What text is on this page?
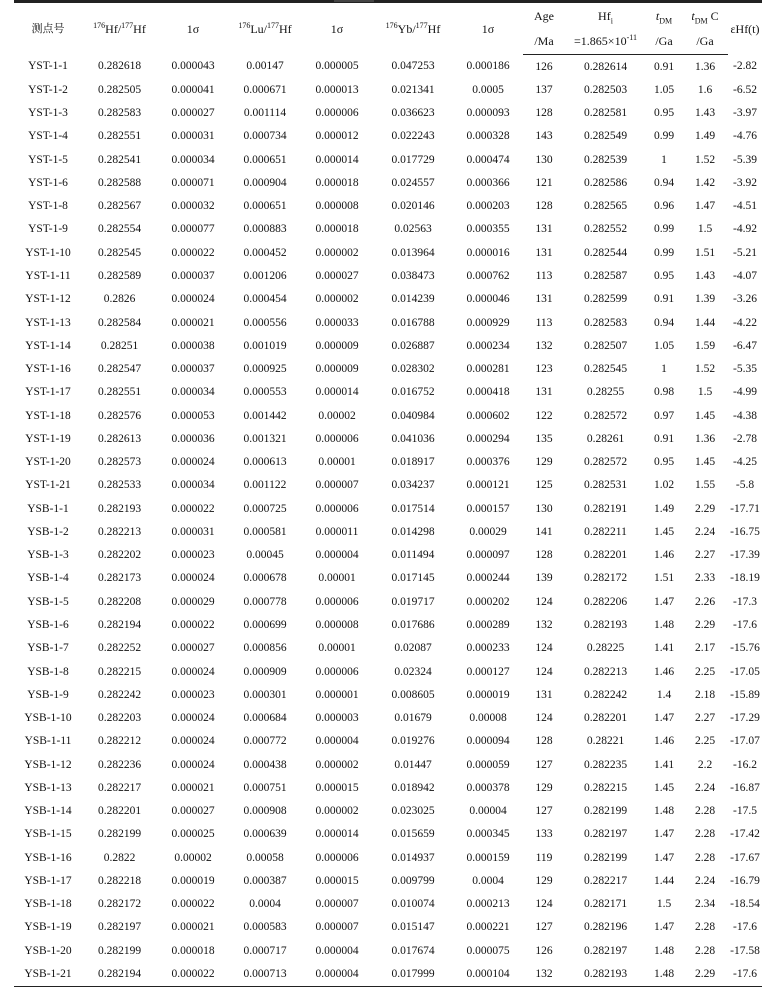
测点号	$^{176}$Hf/$^{177}$Hf	1σ	$^{176}$Lu/$^{177}$Hf	1σ	$^{176}$Yb/$^{177}$Hf	1σ	Age	$Hf_i$	$t_{DM}$	$t_{DM}$ C	εHf(t)
							/Ma	$=1.865\times 10^{-11}$	/Ga	/Ga	
YST-1-1	0.282618	0.000043	0.00147	0.000005	0.047253	0.000186	126	0.282614	0.91	1.36	-2.82
YST-1-2	0.282505	0.000041	0.000671	0.000013	0.021341	0.0005	137	0.282503	1.05	1.6	-6.52
YST-1-3	0.282583	0.000027	0.001114	0.000006	0.036623	0.000093	128	0.282581	0.95	1.43	-3.97
YST-1-4	0.282551	0.000031	0.000734	0.000012	0.022243	0.000328	143	0.282549	0.99	1.49	-4.76
YST-1-5	0.282541	0.000034	0.000651	0.000014	0.017729	0.000474	130	0.282539	1	1.52	-5.39
YST-1-6	0.282588	0.000071	0.000904	0.000018	0.024557	0.000366	121	0.282586	0.94	1.42	-3.92
YST-1-8	0.282567	0.000032	0.000651	0.000008	0.020146	0.000203	128	0.282565	0.96	1.47	-4.51
YST-1-9	0.282554	0.000077	0.000883	0.000018	0.02563	0.000355	131	0.282552	0.99	1.5	-4.92
YST-1-10	0.282545	0.000022	0.000452	0.000002	0.013964	0.000016	131	0.282544	0.99	1.51	-5.21
YST-1-11	0.282589	0.000037	0.001206	0.000027	0.038473	0.000762	113	0.282587	0.95	1.43	-4.07
YST-1-12	0.2826	0.000024	0.000454	0.000002	0.014239	0.000046	131	0.282599	0.91	1.39	-3.26
YST-1-13	0.282584	0.000021	0.000556	0.000033	0.016788	0.000929	113	0.282583	0.94	1.44	-4.22
YST-1-14	0.28251	0.000038	0.001019	0.000009	0.026887	0.000234	132	0.282507	1.05	1.59	-6.47
YST-1-16	0.282547	0.000037	0.000925	0.000009	0.028302	0.000281	123	0.282545	1	1.52	-5.35
YST-1-17	0.282551	0.000034	0.000553	0.000014	0.016752	0.000418	131	0.28255	0.98	1.5	-4.99
YST-1-18	0.282576	0.000053	0.001442	0.00002	0.040984	0.000602	122	0.282572	0.97	1.45	-4.38
YST-1-19	0.282613	0.000036	0.001321	0.000006	0.041036	0.000294	135	0.28261	0.91	1.36	-2.78
YST-1-20	0.282573	0.000024	0.000613	0.00001	0.018917	0.000376	129	0.282572	0.95	1.45	-4.25
YST-1-21	0.282533	0.000034	0.001122	0.000007	0.034237	0.000121	125	0.282531	1.02	1.55	-5.8
YSB-1-1	0.282193	0.000022	0.000725	0.000006	0.017514	0.000157	130	0.282191	1.49	2.29	-17.71
YSB-1-2	0.282213	0.000031	0.000581	0.000011	0.014298	0.00029	141	0.282211	1.45	2.24	-16.75
YSB-1-3	0.282202	0.000023	0.00045	0.000004	0.011494	0.000097	128	0.282201	1.46	2.27	-17.39
YSB-1-4	0.282173	0.000024	0.000678	0.00001	0.017145	0.000244	139	0.282172	1.51	2.33	-18.19
YSB-1-5	0.282208	0.000029	0.000778	0.000006	0.019717	0.000202	124	0.282206	1.47	2.26	-17.3
YSB-1-6	0.282194	0.000022	0.000699	0.000008	0.017686	0.000289	132	0.282193	1.48	2.29	-17.6
YSB-1-7	0.282252	0.000027	0.000856	0.00001	0.02087	0.000233	124	0.28225	1.41	2.17	-15.76
YSB-1-8	0.282215	0.000024	0.000909	0.000006	0.02324	0.000127	124	0.282213	1.46	2.25	-17.05
YSB-1-9	0.282242	0.000023	0.000301	0.000001	0.008605	0.000019	131	0.282242	1.4	2.18	-15.89
YSB-1-10	0.282203	0.000024	0.000684	0.000003	0.01679	0.00008	124	0.282201	1.47	2.27	-17.29
YSB-1-11	0.282212	0.000024	0.000772	0.000004	0.019276	0.000094	128	0.28221	1.46	2.25	-17.07
YSB-1-12	0.282236	0.000024	0.000438	0.000002	0.01447	0.000059	127	0.282235	1.41	2.2	-16.2
YSB-1-13	0.282217	0.000021	0.000751	0.000015	0.018942	0.000378	129	0.282215	1.45	2.24	-16.87
YSB-1-14	0.282201	0.000027	0.000908	0.000002	0.023025	0.00004	127	0.282199	1.48	2.28	-17.5
YSB-1-15	0.282199	0.000025	0.000639	0.000014	0.015659	0.000345	133	0.282197	1.47	2.28	-17.42
YSB-1-16	0.2822	0.00002	0.00058	0.000006	0.014937	0.000159	119	0.282199	1.47	2.28	-17.67
YSB-1-17	0.282218	0.000019	0.000387	0.000015	0.009799	0.0004	129	0.282217	1.44	2.24	-16.79
YSB-1-18	0.282172	0.000022	0.0004	0.000007	0.010074	0.000213	124	0.282171	1.5	2.34	-18.54
YSB-1-19	0.282197	0.000021	0.000583	0.000007	0.015147	0.000221	127	0.282196	1.47	2.28	-17.6
YSB-1-20	0.282199	0.000018	0.000717	0.000004	0.017674	0.000075	126	0.282197	1.48	2.28	-17.58
YSB-1-21	0.282194	0.000022	0.000713	0.000004	0.017999	0.000104	132	0.282193	1.48	2.29	-17.6
